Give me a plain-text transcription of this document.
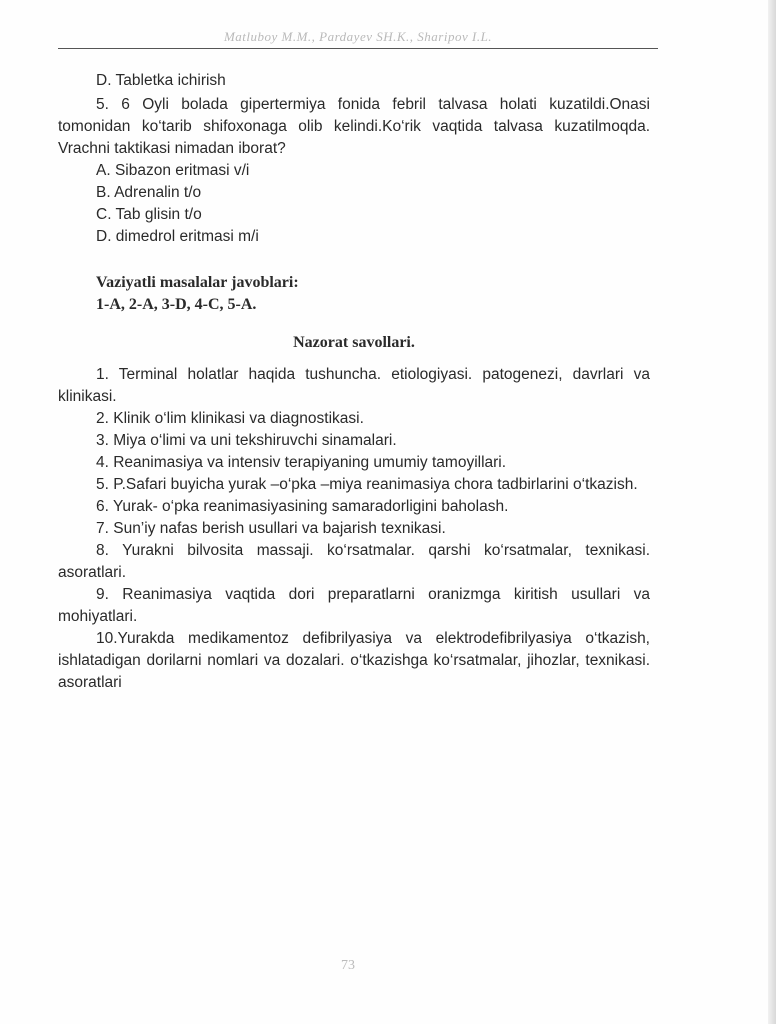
Matluboy M.M., Pardayev SH.K., Sharipov I.L.

D. Tabletka ichirish

5. 6 Oyli bolada gipertermiya fonida febril talvasa holati kuzatildi.Onasi tomonidan ko‘tarib shifoxonaga olib kelindi.Ko‘rik vaqtida talvasa kuzatilmoqda. Vrachni taktikasi nimadan iborat?

A. Sibazon eritmasi v/i

B. Adrenalin t/o

C. Tab glisin t/o

D. dimedrol eritmasi m/i

Vaziyatli masalalar javoblari:

1-A, 2-A, 3-D, 4-C, 5-A.

Nazorat savollari.

1. Terminal holatlar haqida tushuncha. etiologiyasi. patogenezi, davrlari va klinikasi.

2. Klinik o‘lim klinikasi va diagnostikasi.

3. Miya o‘limi va uni tekshiruvchi sinamalari.

4. Reanimasiya va intensiv terapiyaning umumiy tamoyillari.

5. P.Safari buyicha yurak –o‘pka –miya reanimasiya chora tadbirlarini o‘tkazish.

6. Yurak- o‘pka reanimasiyasining samaradorligini baholash.

7. Sun’iy nafas berish usullari va bajarish texnikasi.

8. Yurakni bilvosita massaji. ko‘rsatmalar. qarshi ko‘rsatmalar, texnikasi. asoratlari.

9. Reanimasiya vaqtida dori preparatlarni oranizmga kiritish usullari va mohiyatlari.

10.Yurakda medikamentoz defibrilyasiya va elektrodefibrilyasiya o‘tkazish, ishlatadigan dorilarni nomlari va dozalari. o‘tkazishga ko‘rsatmalar, jihozlar, texnikasi. asoratlari

73
